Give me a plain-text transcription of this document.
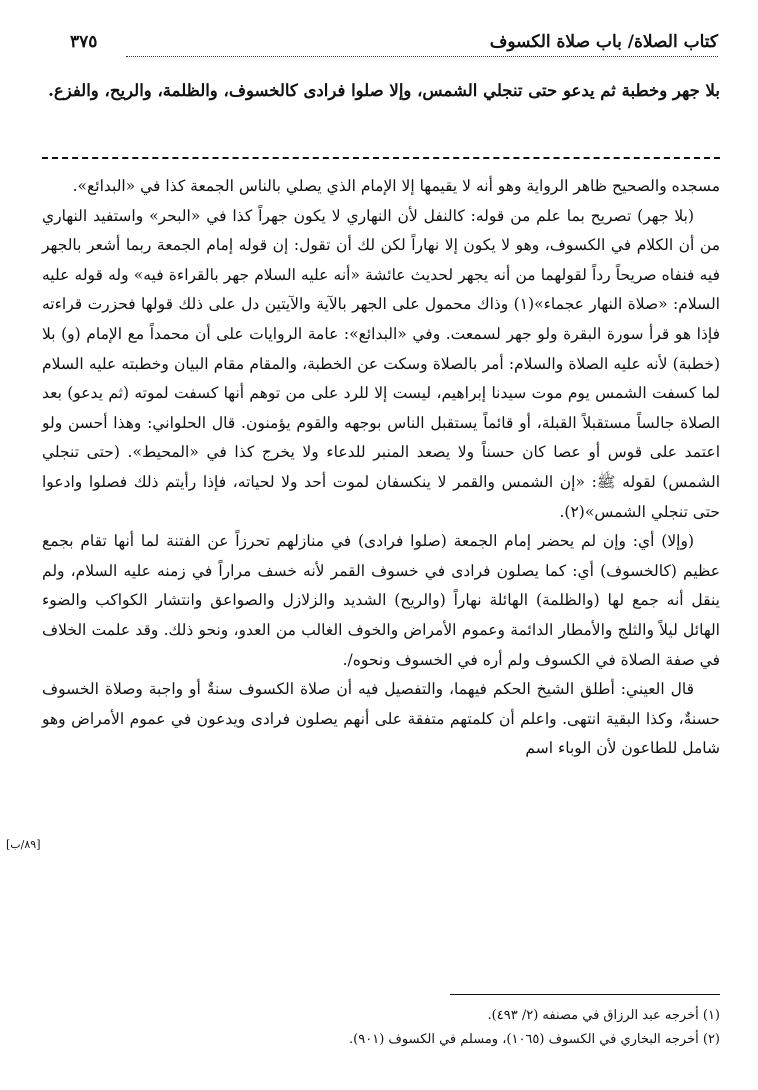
كتاب الصلاة/ باب صلاة الكسوف
٣٧٥

بلا جهر وخطبة ثم يدعو حتى تنجلي الشمس، وإلا صلوا فرادى كالخسوف، والظلمة، والريح، والفزع.

مسجده والصحيح ظاهر الرواية وهو أنه لا يقيمها إلا الإمام الذي يصلي بالناس الجمعة كذا في «البدائع».

(بلا جهر) تصريح بما علم من قوله: كالنفل لأن النهاري لا يكون جهراً كذا في «البحر» واستفيد النهاري من أن الكلام في الكسوف، وهو لا يكون إلا نهاراً لكن لك أن تقول: إن قوله إمام الجمعة ربما أشعر بالجهر فيه فنفاه صريحاً رداً لقولهما من أنه يجهر لحديث عائشة «أنه عليه السلام جهر بالقراءة فيه» وله قوله عليه السلام: «صلاة النهار عجماء»(١) وذاك محمول على الجهر بالآية والآيتين دل على ذلك قولها فحزرت قراءته فإذا هو قرأ سورة البقرة ولو جهر لسمعت. وفي «البدائع»: عامة الروايات على أن محمداً مع الإمام (و) بلا (خطبة) لأنه عليه الصلاة والسلام: أمر بالصلاة وسكت عن الخطبة، والمقام مقام البيان وخطبته عليه السلام لما كسفت الشمس يوم موت سيدنا إبراهيم، ليست إلا للرد على من توهم أنها كسفت لموته (ثم يدعو) بعد الصلاة جالساً مستقبلاً القبلة، أو قائماً يستقبل الناس بوجهه والقوم يؤمنون. قال الحلواني: وهذا أحسن ولو اعتمد على قوس أو عصا كان حسناً ولا يصعد المنبر للدعاء ولا يخرج كذا في «المحيط». (حتى تنجلي الشمس) لقوله ﷺ: «إن الشمس والقمر لا ينكسفان لموت أحد ولا لحياته، فإذا رأيتم ذلك فصلوا وادعوا حتى تنجلي الشمس»(٢).

(وإلا) أي: وإن لم يحضر إمام الجمعة (صلوا فرادى) في منازلهم تحرزاً عن الفتنة لما أنها تقام بجمع عظيم (كالخسوف) أي: كما يصلون فرادى في خسوف القمر لأنه خسف مراراً في زمنه عليه السلام، ولم ينقل أنه جمع لها (والظلمة) الهائلة نهاراً (والريح) الشديد والزلازل والصواعق وانتشار الكواكب والضوء الهائل ليلاً والثلج والأمطار الدائمة وعموم الأمراض والخوف الغالب من العدو، ونحو ذلك. وقد علمت الخلاف في صفة الصلاة في الكسوف ولم أره في الخسوف ونحوه/.

قال العيني: أطلق الشيخ الحكم فيهما، والتفصيل فيه أن صلاة الكسوف سنةٌ أو واجبة وصلاة الخسوف حسنةٌ، وكذا البقية انتهى. واعلم أن كلمتهم متفقة على أنهم يصلون فرادى ويدعون في عموم الأمراض وهو شامل للطاعون لأن الوباء اسم

[٨٩/ب]

(١) أخرجه عبد الرزاق في مصنفه (٢/ ٤٩٣).

(٢) أخرجه البخاري في الكسوف (١٠٦٥)، ومسلم في الكسوف (٩٠١).
